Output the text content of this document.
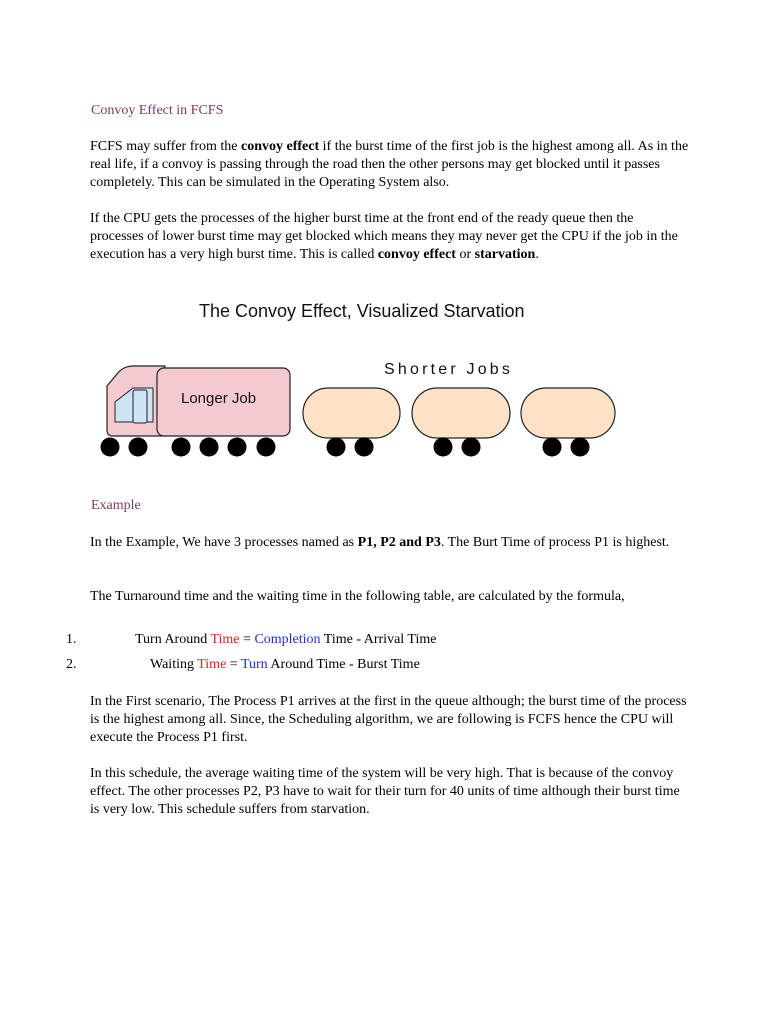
Convoy Effect in FCFS
FCFS may suffer from the convoy effect if the burst time of the first job is the highest among all. As in the real life, if a convoy is passing through the road then the other persons may get blocked until it passes completely. This can be simulated in the Operating System also.
If the CPU gets the processes of the higher burst time at the front end of the ready queue then the processes of lower burst time may get blocked which means they may never get the CPU if the job in the execution has a very high burst time. This is called convoy effect or starvation.
The Convoy Effect, Visualized Starvation
Longer Job
Shorter Jobs
Example
In the Example, We have 3 processes named as P1, P2 and P3. The Burt Time of process P1 is highest.
The Turnaround time and the waiting time in the following table, are calculated by the formula,
1.	Turn Around Time = Completion Time - Arrival Time
2.	Waiting Time = Turn Around Time - Burst Time
In the First scenario, The Process P1 arrives at the first in the queue although; the burst time of the process is the highest among all. Since, the Scheduling algorithm, we are following is FCFS hence the CPU will execute the Process P1 first.
In this schedule, the average waiting time of the system will be very high. That is because of the convoy effect. The other processes P2, P3 have to wait for their turn for 40 units of time although their burst time is very low. This schedule suffers from starvation.
